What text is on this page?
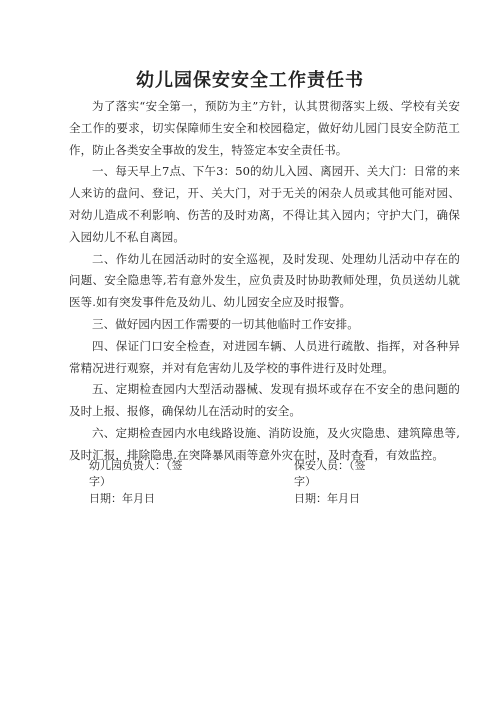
幼儿园保安安全工作责任书

为了落实“安全第一，预防为主”方针，认其贯彻落实上级、学校有关安全工作的要求，切实保障师生安全和校园稳定，做好幼儿园门艮安全防范工作，防止各类安全事故的发生，特签定本安全责任书。

一、每天早上7点、下午3：50的幼儿入园、离园开、关大门：日常的来人来访的盘问、登记，开、关大门，对于无关的闲杂人员或其他可能对园、对幼儿造成不利影响、伤苦的及时劝离，不得让其入园内；守护大门，确保入园幼儿不私自离园。

二、作幼儿在园活动时的安全巡视，及时发现、处理幼儿活动中存在的问题、安全隐患等,若有意外发生，应负责及时协助教师处理，负员送幼儿就医等.如有突发事件危及幼儿、幼儿园安全应及时报警。

三、做好园内因工作需要的一切其他临时工作安排。

四、保证门口安全检查，对进园车辆、人员进行疏散、指挥，对各种异常精况进行观察，并对有危害幼儿及学校的事件进行及时处理。

五、定期检查园内大型活动器械、发现有损坏或存在不安全的患问题的及时上报、报修，确保幼儿在活动时的安全。

六、定期检查园内水电线路设施、消防设施，及火灾隐患、建筑障患等,及时汇报，排除隐患.在突降暴风雨等意外灾在时，及时杳看，有效监控。

幼儿园负贵人：（签字）
日期：年月日
保安人员：（签字）
日期：年月日
